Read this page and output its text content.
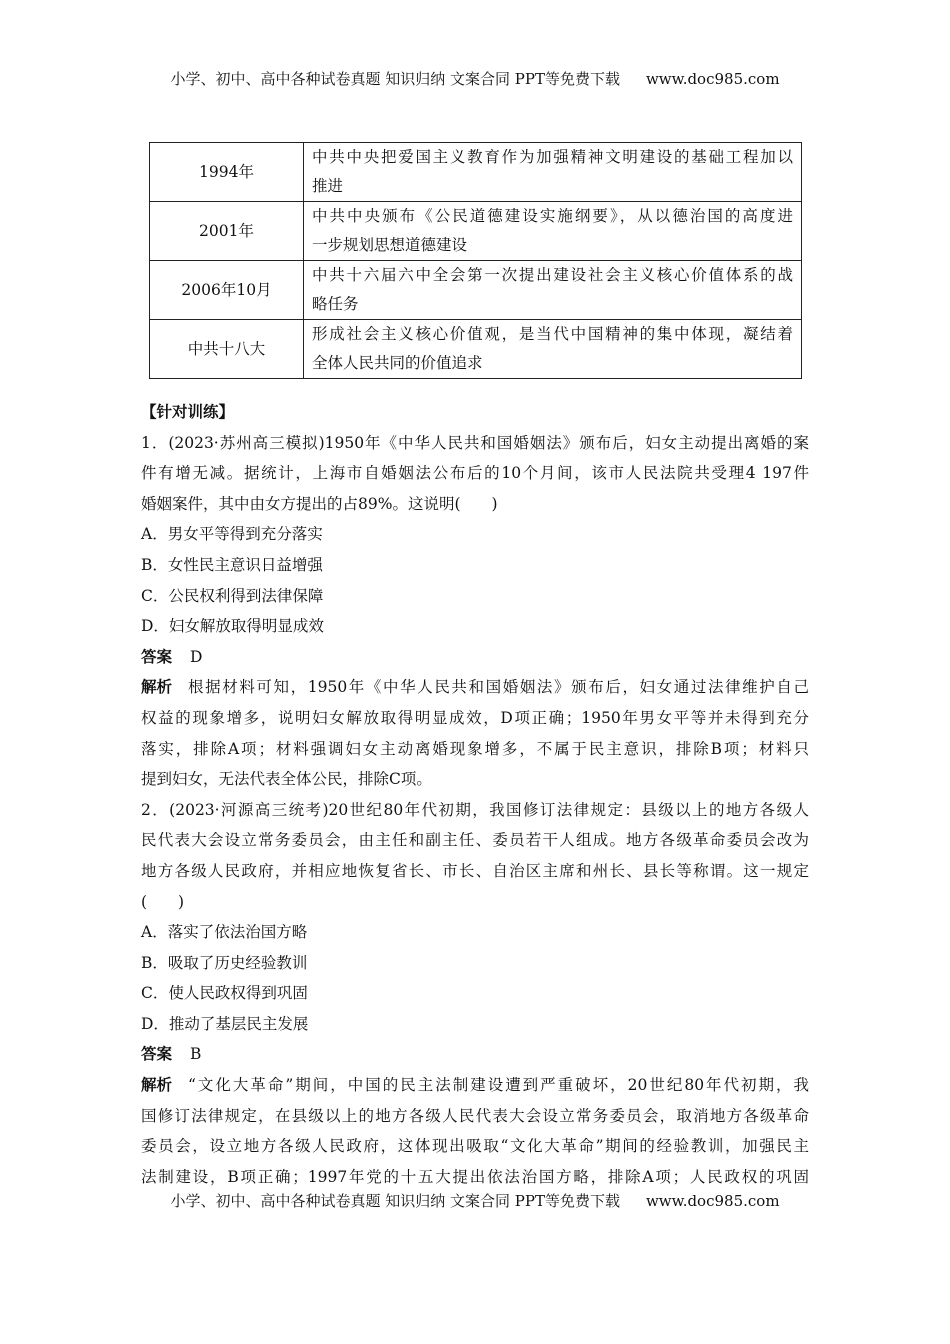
小学、初中、高中各种试卷真题 知识归纳 文案合同 PPT等免费下载 www.doc985.com
1994年	中共中央把爱国主义教育作为加强精神文明建设的基础工程加以
推进

2001年	中共中央颁布《公民道德建设实施纲要》，从以德治国的高度进
一步规划思想道德建设

2006年10月	中共十六届六中全会第一次提出建设社会主义核心价值体系的战
略任务

中共十八大	形成社会主义核心价值观，是当代中国精神的集中体现，凝结着
全体人民共同的价值追求
【针对训练】
1．(2023·苏州高三模拟)1950年《中华人民共和国婚姻法》颁布后，妇女主动提出离婚的案
件有增无减。据统计，上海市自婚姻法公布后的10个月间，该市人民法院共受理4 197件
婚姻案件，其中由女方提出的占89%。这说明(　　)
A．男女平等得到充分落实
B．女性民主意识日益增强
C．公民权利得到法律保障
D．妇女解放取得明显成效
答案 D
解析 根据材料可知，1950年《中华人民共和国婚姻法》颁布后，妇女通过法律维护自己
权益的现象增多，说明妇女解放取得明显成效，D项正确；1950年男女平等并未得到充分
落实，排除A项；材料强调妇女主动离婚现象增多，不属于民主意识，排除B项；材料只
提到妇女，无法代表全体公民，排除C项。
2．(2023·河源高三统考)20世纪80年代初期，我国修订法律规定：县级以上的地方各级人
民代表大会设立常务委员会，由主任和副主任、委员若干人组成。地方各级革命委员会改为
地方各级人民政府，并相应地恢复省长、市长、自治区主席和州长、县长等称谓。这一规定
(　　)
A．落实了依法治国方略
B．吸取了历史经验教训
C．使人民政权得到巩固
D．推动了基层民主发展
答案 B
解析 “文化大革命”期间，中国的民主法制建设遭到严重破坏，20世纪80年代初期，我
国修订法律规定，在县级以上的地方各级人民代表大会设立常务委员会，取消地方各级革命
委员会，设立地方各级人民政府，这体现出吸取“文化大革命”期间的经验教训，加强民主
法制建设，B项正确；1997年党的十五大提出依法治国方略，排除A项；人民政权的巩固
小学、初中、高中各种试卷真题 知识归纳 文案合同 PPT等免费下载 www.doc985.com
